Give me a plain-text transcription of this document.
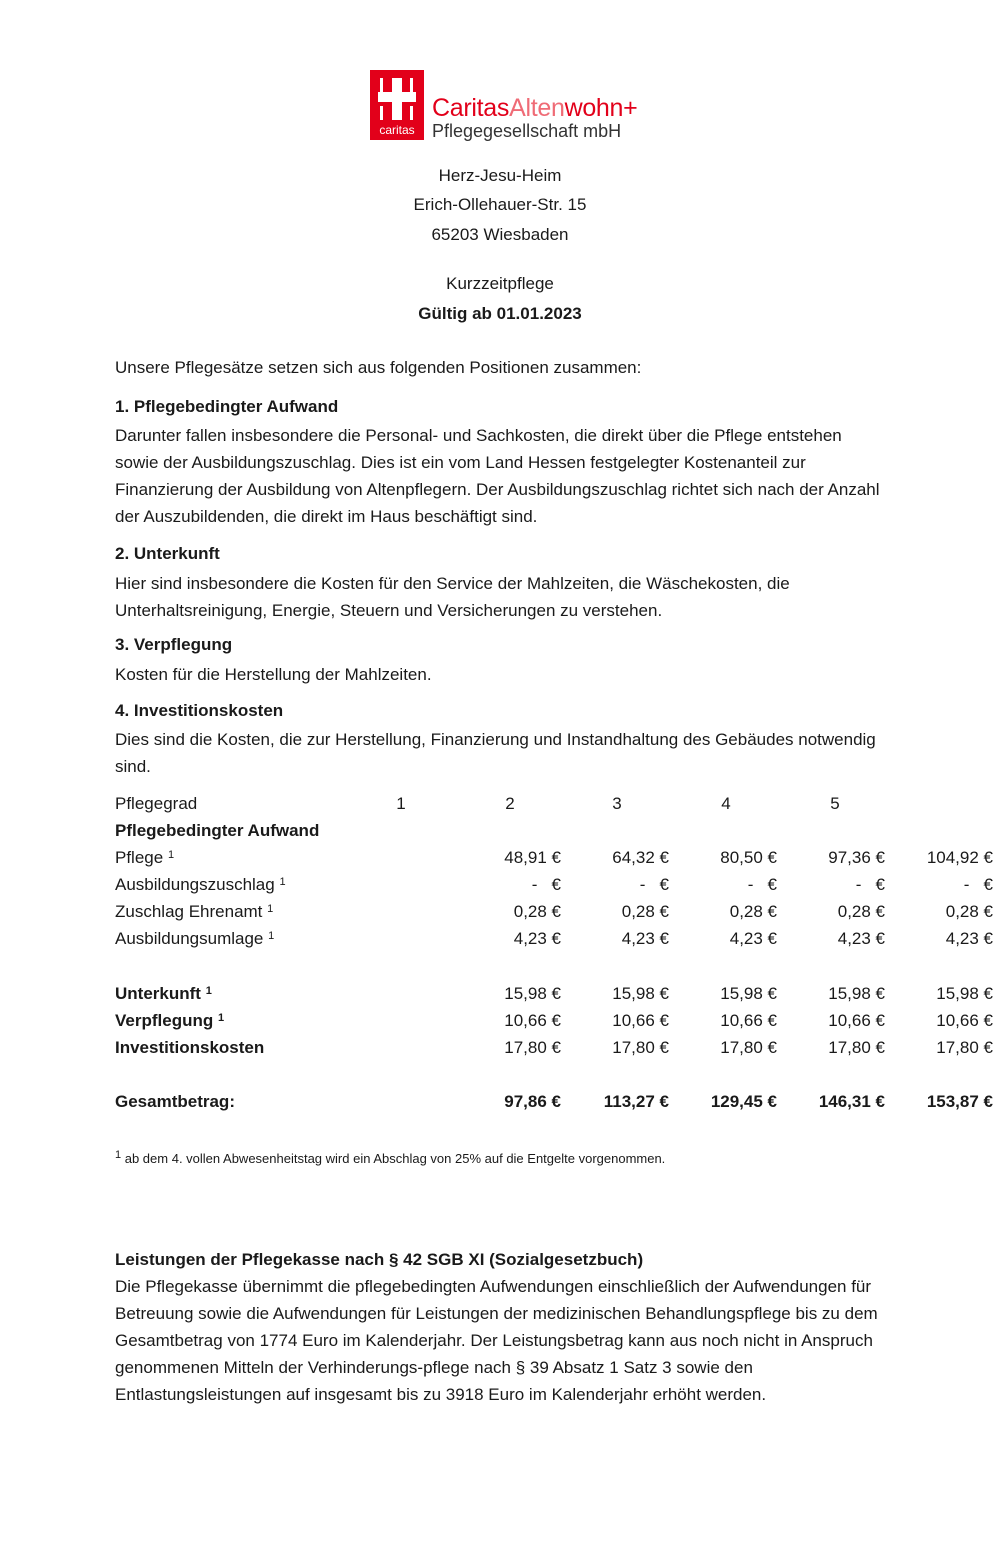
caritas
CaritasAltenwohn+
Pflegegesellschaft mbH
Herz-Jesu-Heim
Erich-Ollehauer-Str. 15
65203 Wiesbaden
Kurzzeitpflege
Gültig ab 01.01.2023
Unsere Pflegesätze setzen sich aus folgenden Positionen zusammen:
1. Pflegebedingter Aufwand
Darunter fallen insbesondere die Personal- und Sachkosten, die direkt über die Pflege entstehen
sowie der Ausbildungszuschlag. Dies ist ein vom Land Hessen festgelegter Kostenanteil zur
Finanzierung der Ausbildung von Altenpflegern. Der Ausbildungszuschlag richtet sich nach der Anzahl
der Auszubildenden, die direkt im Haus beschäftigt sind.
2. Unterkunft
Hier sind insbesondere die Kosten für den Service der Mahlzeiten, die Wäschekosten, die
Unterhaltsreinigung, Energie, Steuern und Versicherungen zu verstehen.
3. Verpflegung
Kosten für die Herstellung der Mahlzeiten.
4. Investitionskosten
Dies sind die Kosten, die zur Herstellung, Finanzierung und Instandhaltung des Gebäudes notwendig
sind.
Pflegegrad	1	2	3	4	5
Pflegebedingter Aufwand
Pflege $^1$	48,91 €	64,32 €	80,50 €	97,36 €	104,92 €
Ausbildungszuschlag $^1$	-   €	-   €	-   €	-   €	-   €
Zuschlag Ehrenamt $^1$	0,28 €	0,28 €	0,28 €	0,28 €	0,28 €
Ausbildungsumlage $^1$	4,23 €	4,23 €	4,23 €	4,23 €	4,23 €
Unterkunft $^1$	15,98 €	15,98 €	15,98 €	15,98 €	15,98 €
Verpflegung $^1$	10,66 €	10,66 €	10,66 €	10,66 €	10,66 €
Investitionskosten	17,80 €	17,80 €	17,80 €	17,80 €	17,80 €
Gesamtbetrag:	97,86 €	113,27 €	129,45 €	146,31 €	153,87 €
$^1$ ab dem 4. vollen Abwesenheitstag wird ein Abschlag von 25% auf die Entgelte vorgenommen.
Leistungen der Pflegekasse nach § 42 SGB XI (Sozialgesetzbuch)
Die Pflegekasse übernimmt die pflegebedingten Aufwendungen einschließlich der Aufwendungen für
Betreuung sowie die Aufwendungen für Leistungen der medizinischen Behandlungspflege bis zu dem
Gesamtbetrag von 1774 Euro im Kalenderjahr. Der Leistungsbetrag kann aus noch nicht in Anspruch
genommenen Mitteln der Verhinderungs-pflege nach § 39 Absatz 1 Satz 3 sowie den
Entlastungsleistungen auf insgesamt bis zu 3918 Euro im Kalenderjahr erhöht werden.
